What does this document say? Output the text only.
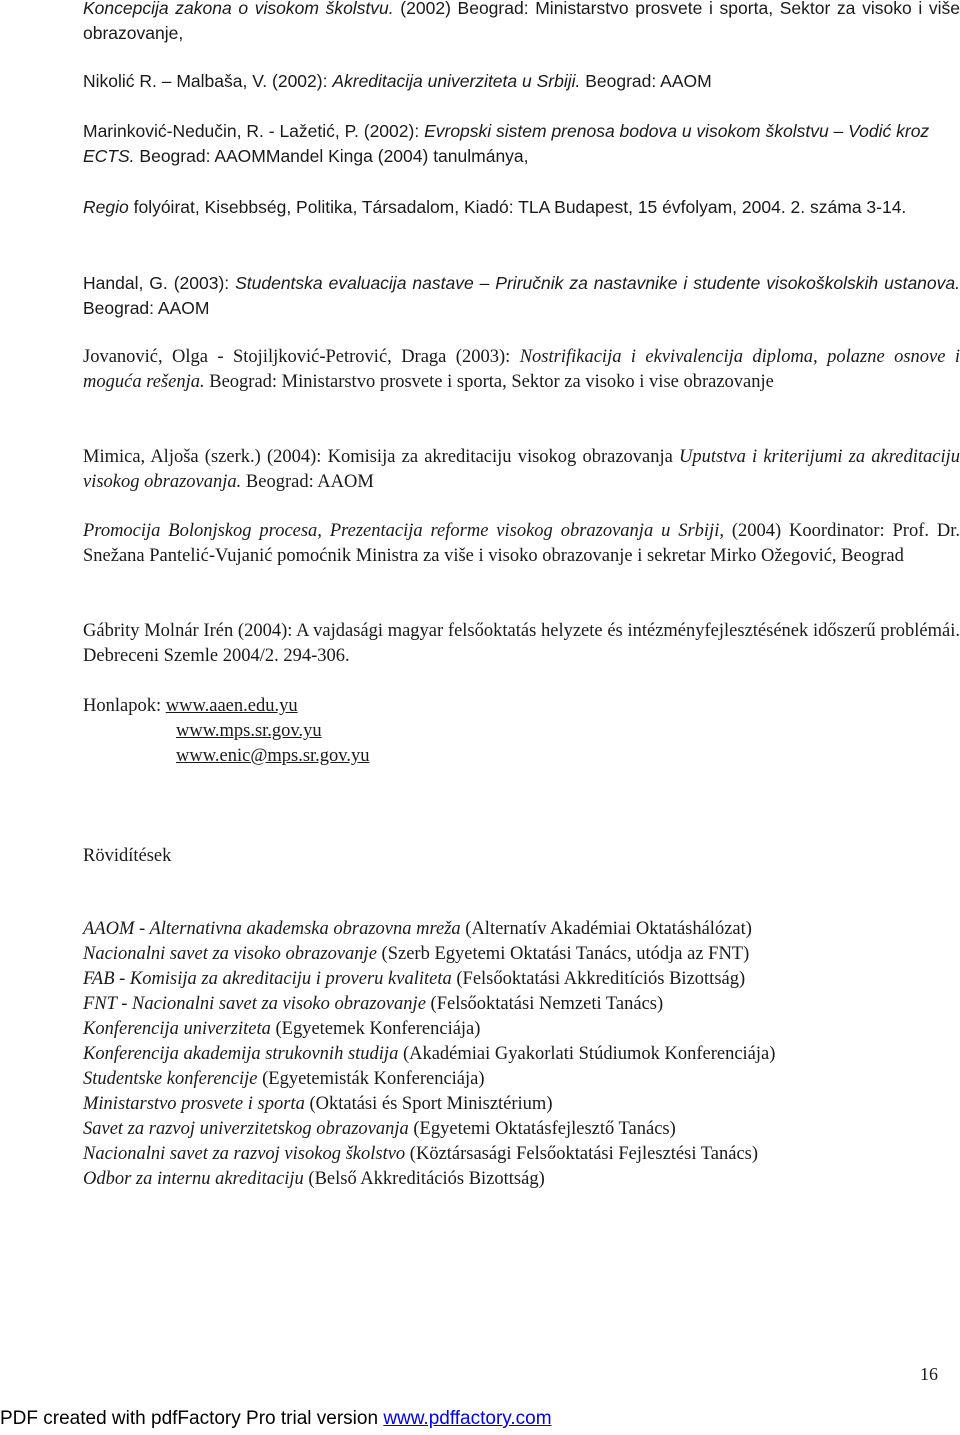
Koncepcija zakona o visokom školstvu. (2002) Beograd: Ministarstvo prosvete i sporta, Sektor za visoko i više obrazovanje,

Nikolić R. – Malbaša, V. (2002): Akreditacija univerziteta u Srbiji. Beograd: AAOM

Marinković-Nedučin, R. - Lažetić, P. (2002): Evropski sistem prenosa bodova u visokom školstvu – Vodić kroz ECTS. Beograd: AAOMMandel Kinga (2004) tanulmánya,

Regio folyóirat, Kisebbség, Politika, Társadalom, Kiadó: TLA Budapest, 15 évfolyam, 2004. 2. száma 3-14.

Handal, G. (2003): Studentska evaluacija nastave – Priručnik za nastavnike i studente visokoškolskih ustanova. Beograd: AAOM

Jovanović, Olga - Stojiljković-Petrović, Draga (2003): Nostrifikacija i ekvivalencija diploma, polazne osnove i moguća rešenja. Beograd: Ministarstvo prosvete i sporta, Sektor za visoko i vise obrazovanje

Mimica, Aljoša (szerk.) (2004): Komisija za akreditaciju visokog obrazovanja Uputstva i kriterijumi za akreditaciju visokog obrazovanja. Beograd: AAOM

Promocija Bolonjskog procesa, Prezentacija reforme visokog obrazovanja u Srbiji, (2004) Koordinator: Prof. Dr. Snežana Pantelić-Vujanić pomoćnik Ministra za više i visoko obrazovanje i sekretar Mirko Ožegović, Beograd

Gábrity Molnár Irén (2004): A vajdasági magyar felsőoktatás helyzete és intézményfejlesztésének időszerű problémái. Debreceni Szemle 2004/2. 294-306.

Honlapok: www.aaen.edu.yu
www.mps.sr.gov.yu
www.enic@mps.sr.gov.yu
Rövidítések
AAOM - Alternativna akademska obrazovna mreža (Alternatív Akadémiai Oktatáshálózat)
Nacionalni savet za visoko obrazovanje (Szerb Egyetemi Oktatási Tanács, utódja az FNT)
FAB - Komisija za akreditaciju i proveru kvaliteta (Felsőoktatási Akkreditíciós Bizottság)
FNT - Nacionalni savet za visoko obrazovanje (Felsőoktatási Nemzeti Tanács)
Konferencija univerziteta (Egyetemek Konferenciája)
Konferencija akademija strukovnih studija (Akadémiai Gyakorlati Stúdiumok Konferenciája)
Studentske konferencije (Egyetemisták Konferenciája)
Ministarstvo prosvete i sporta (Oktatási és Sport Minisztérium)
Savet za razvoj univerzitetskog obrazovanja (Egyetemi Oktatásfejlesztő Tanács)
Nacionalni savet za razvoj visokog školstvo (Köztársasági Felsőoktatási Fejlesztési Tanács)
Odbor za internu akreditaciju (Belső Akkreditációs Bizottság)
16
PDF created with pdfFactory Pro trial version www.pdffactory.com
